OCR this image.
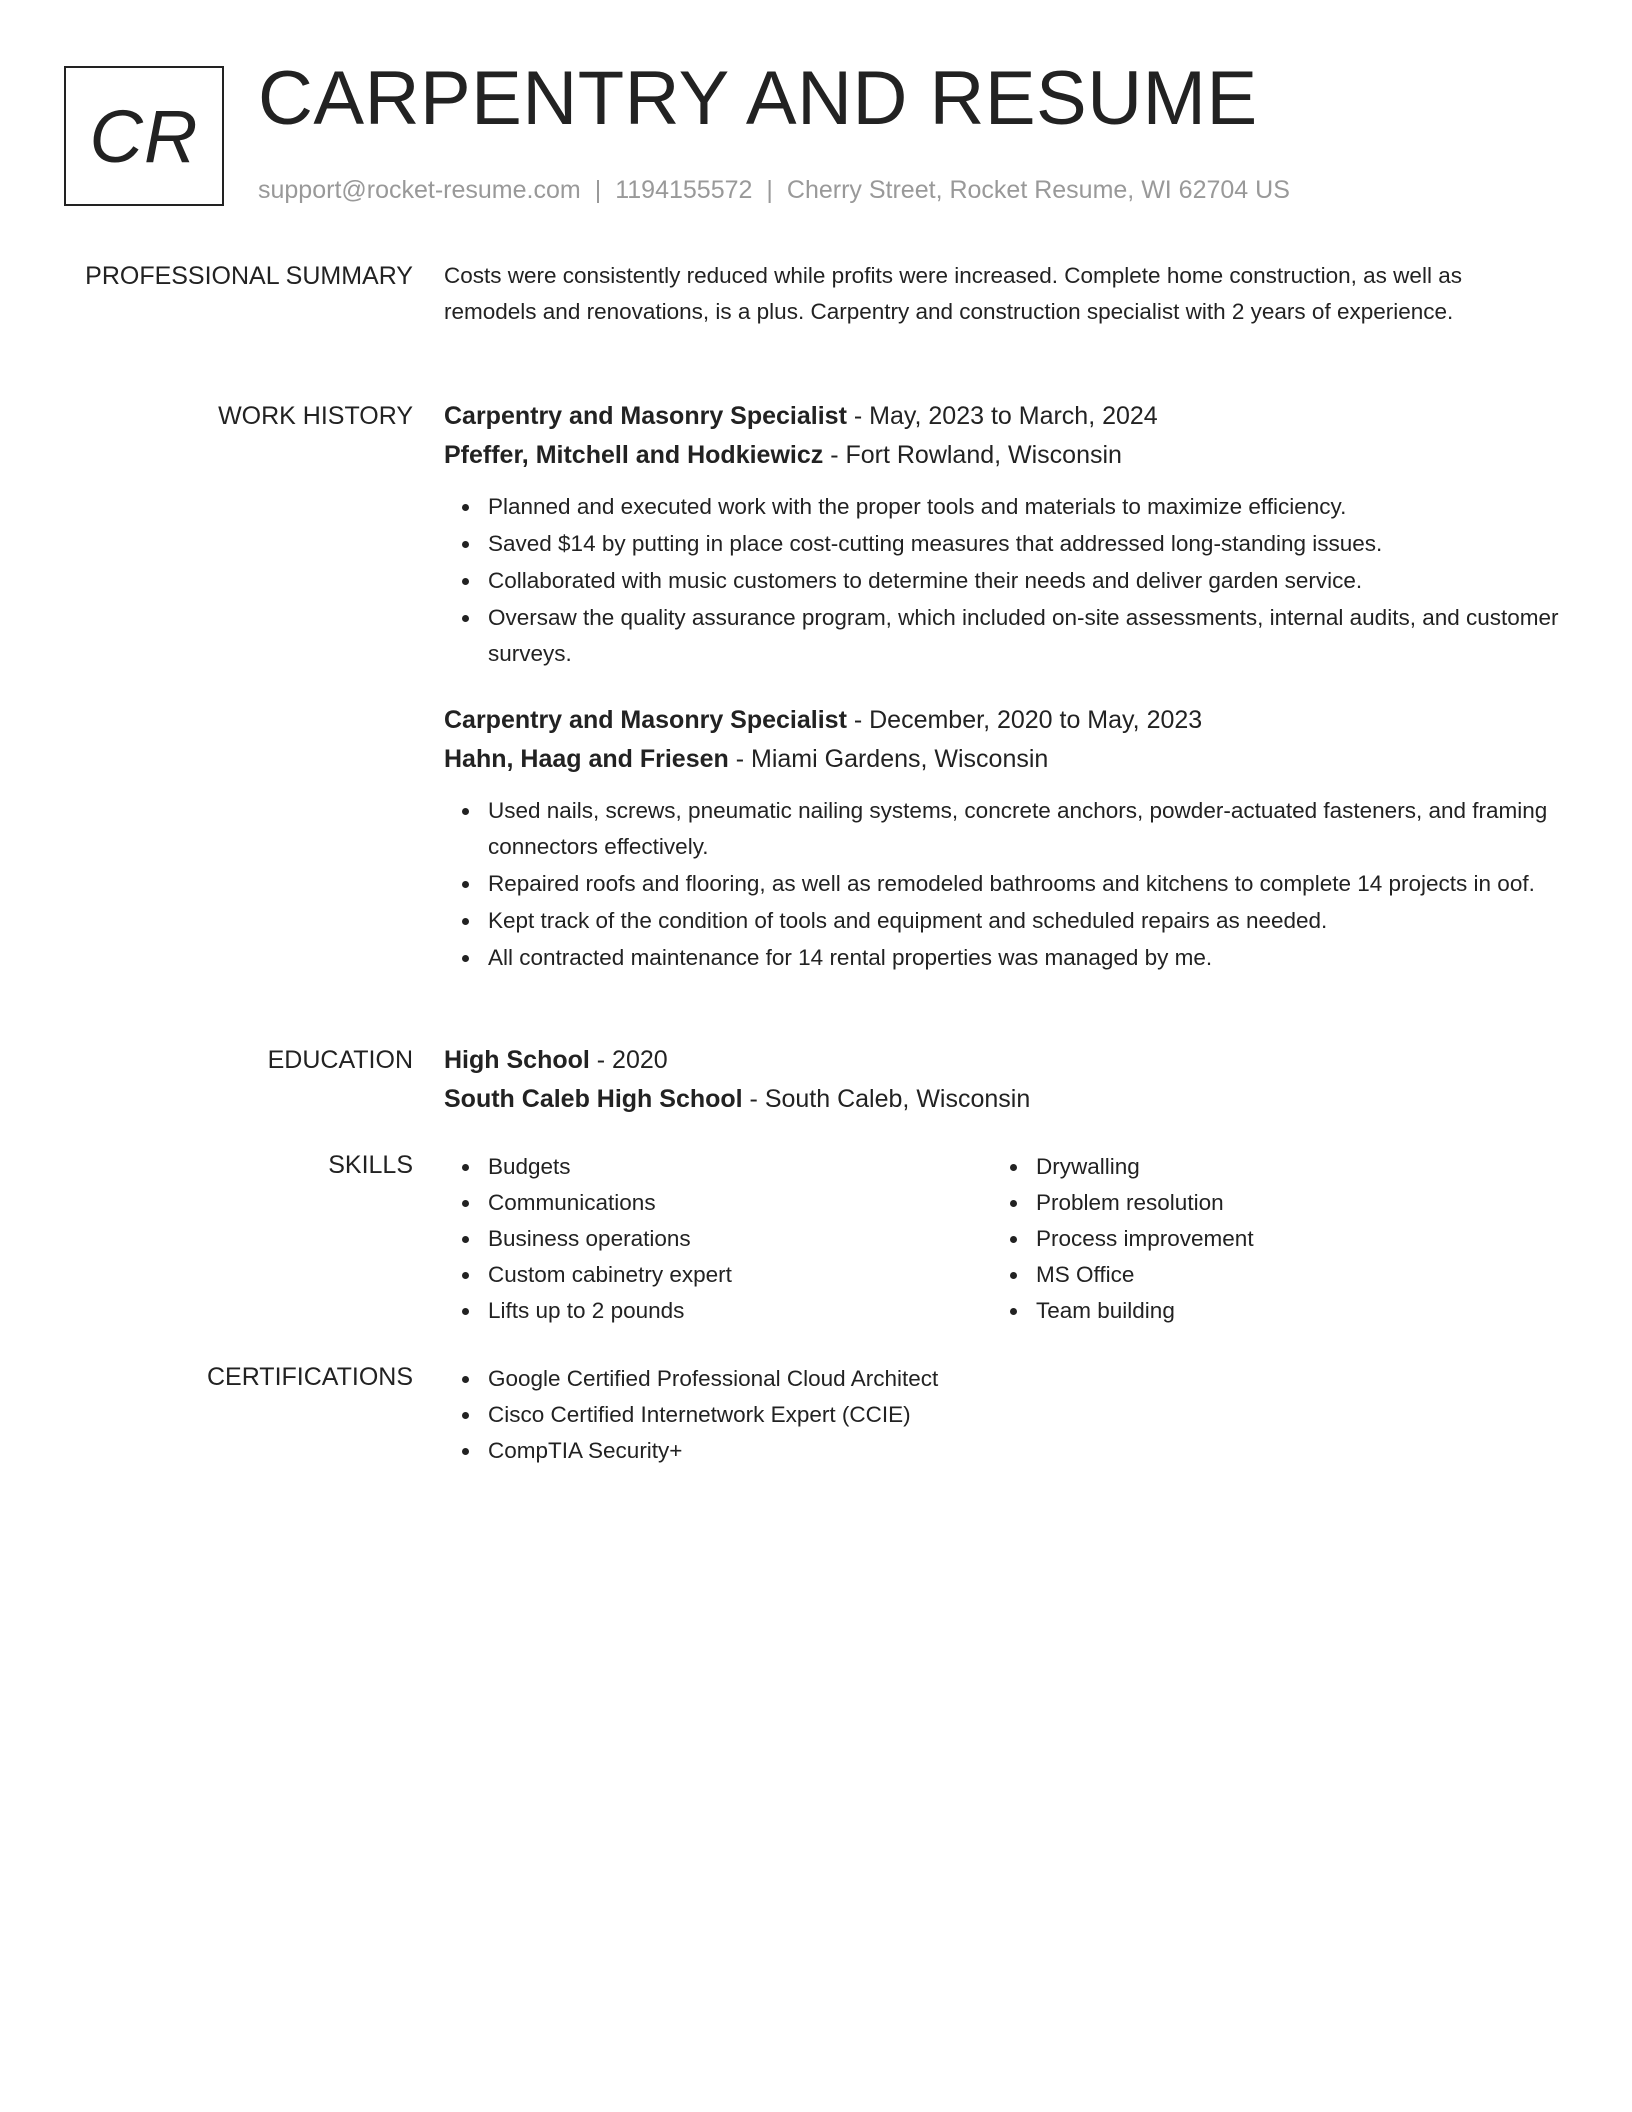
CR CARPENTRY AND RESUME
support@rocket-resume.com | 1194155572 | Cherry Street, Rocket Resume, WI 62704 US
PROFESSIONAL SUMMARY Costs were consistently reduced while profits were increased. Complete home construction, as well as remodels and renovations, is a plus. Carpentry and construction specialist with 2 years of experience.

WORK HISTORY Carpentry and Masonry Specialist - May, 2023 to March, 2024

Pfeffer, Mitchell and Hodkiewicz - Fort Rowland, Wisconsin

Planned and executed work with the proper tools and materials to maximize efficiency.
Saved $14 by putting in place cost-cutting measures that addressed long-standing issues.
Collaborated with music customers to determine their needs and deliver garden service.
Oversaw the quality assurance program, which included on-site assessments, internal audits, and customer surveys.

Carpentry and Masonry Specialist - December, 2020 to May, 2023

Hahn, Haag and Friesen - Miami Gardens, Wisconsin

Used nails, screws, pneumatic nailing systems, concrete anchors, powder-actuated fasteners, and framing connectors effectively.
Repaired roofs and flooring, as well as remodeled bathrooms and kitchens to complete 14 projects in oof.
Kept track of the condition of tools and equipment and scheduled repairs as needed.
All contracted maintenance for 14 rental properties was managed by me.
EDUCATION High School - 2020

South Caleb High School - South Caleb, Wisconsin

SKILLS	Budgets
Communications
Business operations
Custom cabinetry expert
Lifts up to 2 pounds
Drywalling
Problem resolution
Process improvement
MS Office
Team building
CERTIFICATIONS	Google Certified Professional Cloud Architect
Cisco Certified Internetwork Expert (CCIE)
CompTIA Security+
